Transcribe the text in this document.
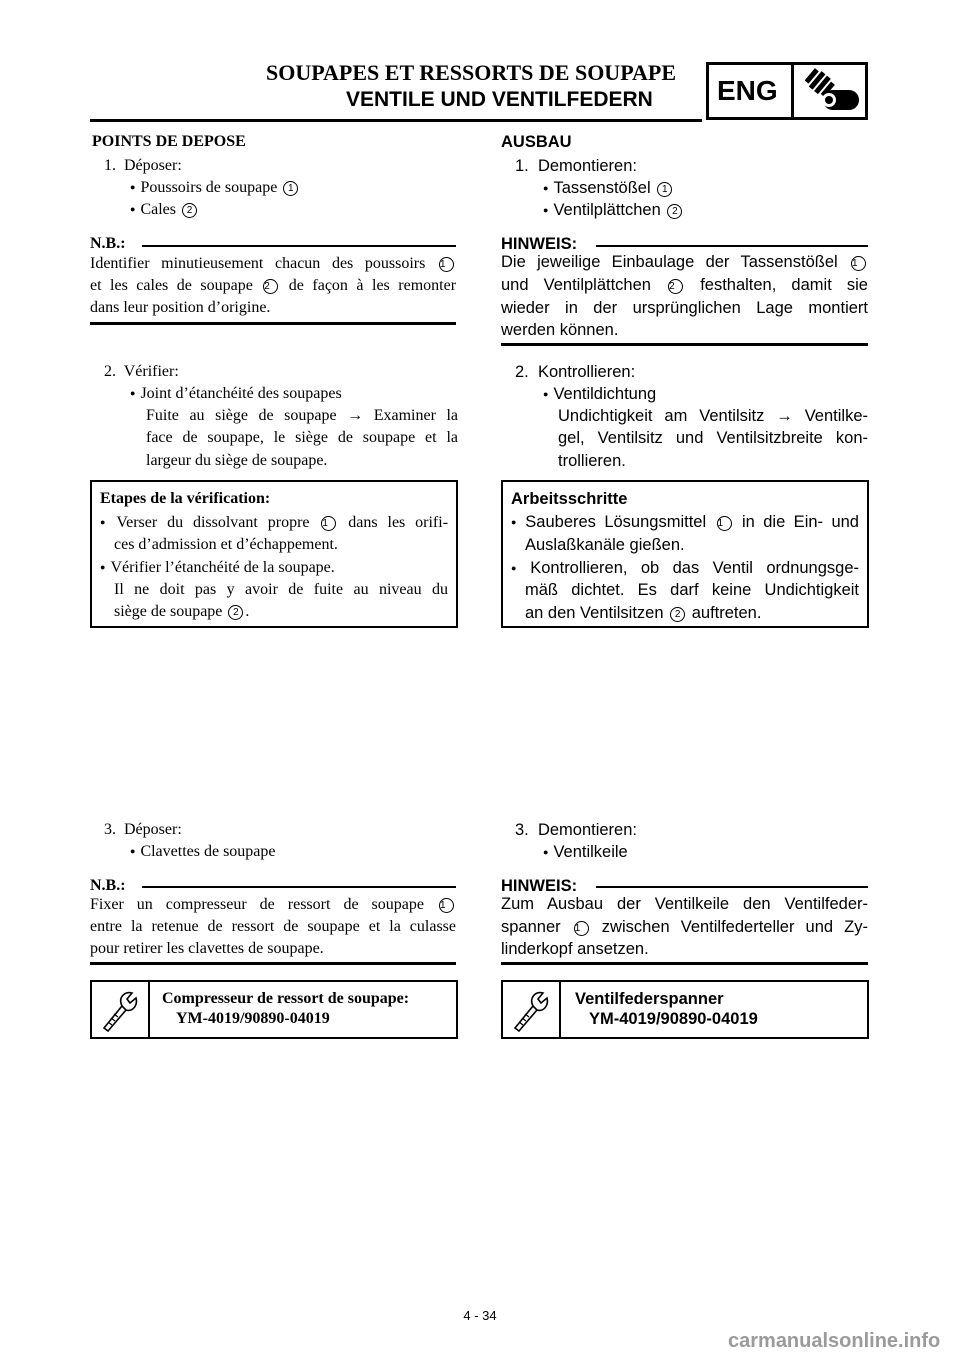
SOUPAPES ET RESSORTS DE SOUPAPE
VENTILE UND VENTILFEDERN ENG
POINTS DE DEPOSE
1. Déposer:
● Poussoirs de soupape 1
● Cales 2
N.B.:
Identifier minutieusement chacun des poussoirs 1
et les cales de soupape 2 de façon à les remonter
dans leur position d’origine.
2. Vérifier:
● Joint d’étanchéité des soupapes
Fuite au siège de soupape → Examiner la
face de soupape, le siège de soupape et la
largeur du siège de soupape.
Etapes de la vérification:
● Verser du dissolvant propre 1 dans les orifi-
ces d’admission et d’échappement.
● Vérifier l’étanchéité de la soupape.
Il ne doit pas y avoir de fuite au niveau du
siège de soupape 2 .
3. Déposer:
● Clavettes de soupape
N.B.:
Fixer un compresseur de ressort de soupape 1
entre la retenue de ressort de soupape et la culasse
pour retirer les clavettes de soupape.
Compresseur de ressort de soupape:
YM-4019/90890-04019
AUSBAU
1. Demontieren:
● Tassenstößel 1
● Ventilplättchen 2
HINWEIS:
Die jeweilige Einbaulage der Tassenstößel 1
und Ventilplättchen 2 festhalten, damit sie
wieder in der ursprünglichen Lage montiert
werden können.
2. Kontrollieren:
● Ventildichtung
Undichtigkeit am Ventilsitz → Ventilke-
gel, Ventilsitz und Ventilsitzbreite kon-
trollieren.
Arbeitsschritte
● Sauberes Lösungsmittel 1 in die Ein- und
Auslaßkanäle gießen.
● Kontrollieren, ob das Ventil ordnungsge-
mäß dichtet. Es darf keine Undichtigkeit
an den Ventilsitzen 2 auftreten.
3. Demontieren:
● Ventilkeile
HINWEIS:
Zum Ausbau der Ventilkeile den Ventilfeder-
spanner 1 zwischen Ventilfederteller und Zy-
linderkopf ansetzen.
Ventilfederspanner
YM-4019/90890-04019
4 - 34
carmanualsonline.info
